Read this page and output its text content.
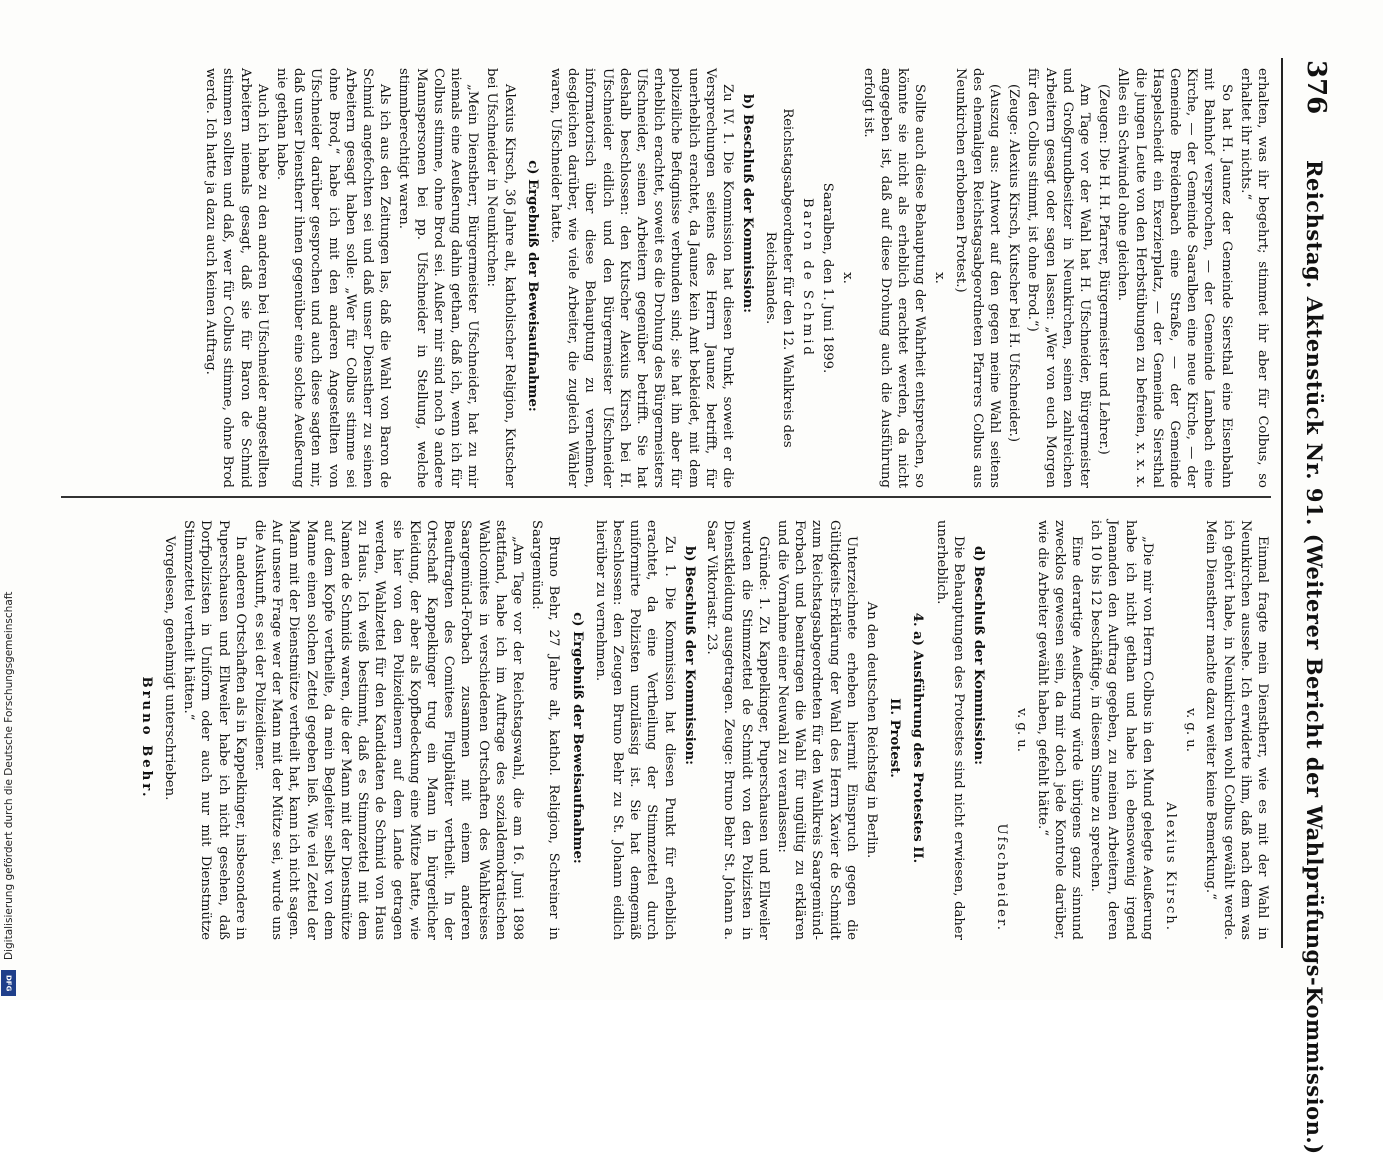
376
Reichstag. Aktenstück Nr. 91. (Weiterer Bericht der Wahlprüfungs-Kommission.)

erhalten, was ihr begehrt; stimmet ihr aber für Colbus, so erhaltet ihr nichts.“

So hat H. Jaunez der Gemeinde Siersthal eine Eisenbahn mit Bahnhof versprochen, — der Gemeinde Lambach eine Kirche, — der Gemeinde Saaralben eine neue Kirche, — der Gemeinde Breidenbach eine Straße, — der Gemeinde Haspelscheidt ein Exerzierplatz, — der Gemeinde Siersthal die jungen Leute von den Herbstübungen zu befreien, x. x. x. Alles ein Schwindel ohne gleichen.

(Zeugen: Die H. H. Pfarrer, Bürgermeister und Lehrer.)

Am Tage vor der Wahl hat H. Ufschneider, Bürgermeister und Großgrundbesitzer in Neunkirchen, seinen zahlreichen Arbeitern gesagt oder sagen lassen: „Wer von euch Morgen für den Colbus stimmt, ist ohne Brod.“)

(Zeuge: Alexius Kirsch, Kutscher bei H. Ufschneider.)

(Auszug aus: Antwort auf den gegen meine Wahl seitens des ehemaligen Reichstagsabgeordneten Pfarrers Colbus aus Neunkirchen erhobenen Protest.)

x.

Sollte auch diese Behauptung der Wahrheit entsprechen, so könnte sie nicht als erheblich erachtet werden, da nicht angegeben ist, daß auf diese Drohung auch die Ausführung erfolgt ist.

x.

Saaralben, den 1. Juni 1899.

Baron de Schmid

Reichstagsabgeordneter für den 12. Wahlkreis des Reichslandes.

b) Beschluß der Kommission:

Zu IV. 1. Die Kommission hat diesen Punkt, soweit er die Versprechungen seitens des Herrn Jaunez betrifft, für unerheblich erachtet, da Jaunez kein Amt bekleidet, mit dem polizeiliche Befugnisse verbunden sind; sie hat ihn aber für erheblich erachtet, soweit es die Drohung des Bürgermeisters Ufschneider, seinen Arbeitern gegenüber betrifft. Sie hat deshalb beschlossen: den Kutscher Alexius Kirsch bei H. Ufschneider eidlich und den Bürgermeister Ufschneider informatorisch über diese Behauptung zu vernehmen, desgleichen darüber, wie viele Arbeiter, die zugleich Wähler waren, Ufschneider hatte.

c) Ergebniß der Beweisaufnahme:

Alexius Kirsch, 36 Jahre alt, katholischer Religion, Kutscher bei Ufschneider in Neunkirchen:

„Mein Dienstherr, Bürgermeister Ufschneider, hat zu mir niemals eine Aeußerung dahin gethan, daß ich, wenn ich für Colbus stimme, ohne Brod sei. Außer mir sind noch 9 andere Mannspersonen bei pp. Ufschneider in Stellung, welche stimmberechtigt waren.

Als ich aus den Zeitungen las, daß die Wahl von Baron de Schmid angefochten sei und daß unser Dienstherr zu seinen Arbeitern gesagt haben solle: „Wer für Colbus stimme sei ohne Brod,“ habe ich mit den anderen Angestellten von Ufschneider darüber gesprochen und auch diese sagten mir, daß unser Dienstherr ihnen gegenüber eine solche Aeußerung nie gethan habe.

Auch ich habe zu den anderen bei Ufschneider angestellten Arbeitern niemals gesagt, daß sie für Baron de Schmid stimmen sollten und daß, wer für Colbus stimme, ohne Brod werde. Ich hatte ja dazu auch keinen Auftrag.

Einmal fragte mein Dienstherr, wie es mit der Wahl in Neunkirchen aussehe. Ich erwiderte ihm, daß nach dem was ich gehört habe, in Neunkirchen wohl Colbus gewählt werde. Mein Dienstherr machte dazu weiter keine Bemerkung.“

v. g. u.

Alexius Kirsch.

„Die mir von Herrn Colbus in den Mund gelegte Aeußerung habe ich nicht gethan und habe ich ebensowenig irgend Jemanden den Auftrag gegeben, zu meinen Arbeitern, deren ich 10 bis 12 beschäftige, in diesem Sinne zu sprechen.

Eine derartige Aeußerung würde übrigens ganz sinnund zwecklos gewesen sein, da mir doch jede Kontrole darüber, wie die Arbeiter gewählt haben, gefehlt hätte.“

v. g. u.

Ufschneider.

d) Beschluß der Kommission:

Die Behauptungen des Protestes sind nicht erwiesen, daher unerheblich.

4. a) Ausführung des Protestes II.

II. Protest.

An den deutschen Reichstag in Berlin.

Unterzeichnete erheben hiermit Einspruch gegen die Gültigkeits-Erklärung der Wahl des Herrn Xavier de Schmidt zum Reichstagsabgeordneten für den Wahlkreis Saargemünd-Forbach und beantragen die Wahl für ungültig zu erklären und die Vornahme einer Neuwahl zu veranlassen:

Gründe: 1. Zu Kappelkinger, Puperschausen und Ellweiler wurden die Stimmzettel de Schmidt von den Polizisten in Dienstkleidung ausgetragen. Zeuge: Bruno Behr St. Johann a. Saar Viktoriastr. 23.

b) Beschluß der Kommission:

Zu 1. Die Kommission hat diesen Punkt für erheblich erachtet, da eine Vertheilung der Stimmzettel durch uniformirte Polizisten unzulässig ist. Sie hat demgemäß beschlossen: den Zeugen Bruno Behr zu St. Johann eidlich hierüber zu vernehmen.

c) Ergebniß der Beweisaufnahme:

Bruno Behr, 27 Jahre alt, kathol. Religion, Schreiner in Saargemünd:

„Am Tage vor der Reichstagswahl, die am 16. Juni 1898 stattfand, habe ich im Auftrage des sozialdemokratischen Wahlcomites in verschiedenen Ortschaften des Wahlkreises Saargemünd-Forbach zusammen mit einem anderen Beauftragten des Comitees Flugblätter vertheilt. In der Ortschaft Kappelkinger trug ein Mann in bürgerlicher Kleidung, der aber als Kopfbedeckung eine Mütze hatte, wie sie hier von den Polizeidienern auf dem Lande getragen werden, Wahlzettel für den Kandidaten de Schmid von Haus zu Haus. Ich weiß bestimmt, daß es Stimmzettel mit dem Namen de Schmids waren, die der Mann mit der Dienstmütze auf dem Kopfe vertheilte, da mein Begleiter selbst von dem Manne einen solchen Zettel gegeben ließ. Wie viel Zettel der Mann mit der Dienstmütze vertheilt hat, kann ich nicht sagen. Auf unsere Frage wer der Mann mit der Mütze sei, wurde uns die Auskunft, es sei der Polizeidiener.

In anderen Ortschaften als in Kappelkinger, insbesondere in Puperschausen und Ellweiler habe ich nicht gesehen, daß Dorfpolizisten in Uniform oder auch nur mit Dienstmütze Stimmzettel vertheilt hätten.“

Vorgelesen, genehmigt unterschrieben.

Bruno Behr.

Digitalisierung gefördert durch die Deutsche Forschungsgemeinschaft
DFG
